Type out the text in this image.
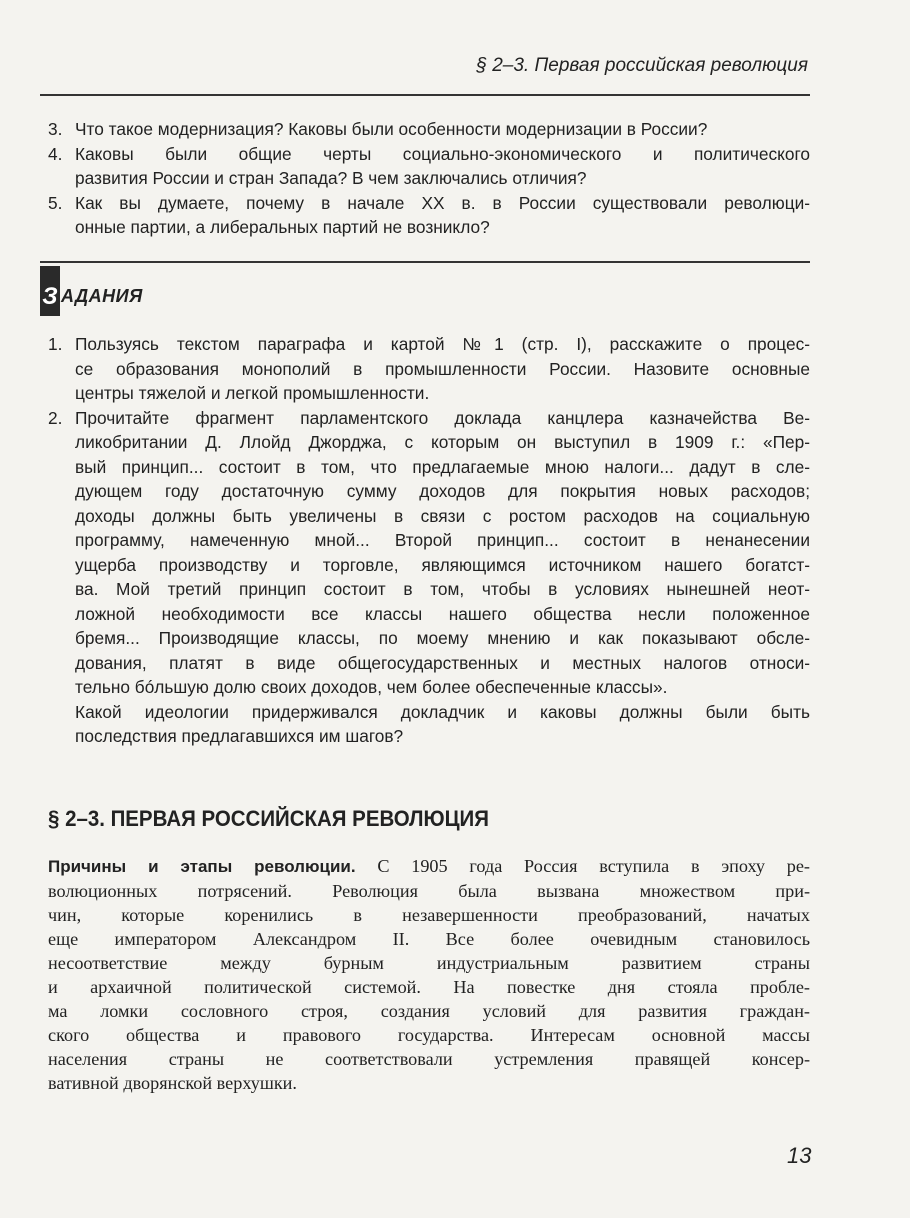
§ 2–3. Первая российская революция
3. Что такое модернизация? Каковы были особенности модернизации в России?
4. Каковы были общие черты социально-экономического и политического
развития России и стран Запада? В чем заключались отличия?
5. Как вы думаете, почему в начале XX в. в России существовали революци-
онные партии, а либеральных партий не возникло?
З АДАНИЯ
1. Пользуясь текстом параграфа и картой №1 (стр. I), расскажите о процес-
се образования монополий в промышленности России. Назовите основные
центры тяжелой и легкой промышленности.
2. Прочитайте фрагмент парламентского доклада канцлера казначейства Ве-
ликобритании Д. Ллойд Джорджа, с которым он выступил в 1909 г.: «Пер-
вый принцип... состоит в том, что предлагаемые мною налоги... дадут в сле-
дующем году достаточную сумму доходов для покрытия новых расходов;
доходы должны быть увеличены в связи с ростом расходов на социальную
программу, намеченную мной... Второй принцип... состоит в ненанесении
ущерба производству и торговле, являющимся источником нашего богатст-
ва. Мой третий принцип состоит в том, чтобы в условиях нынешней неот-
ложной необходимости все классы нашего общества несли положенное
бремя... Производящие классы, по моему мнению и как показывают обсле-
дования, платят в виде общегосударственных и местных налогов относи-
тельно бóльшую долю своих доходов, чем более обеспеченные классы».
Какой идеологии придерживался докладчик и каковы должны были быть
последствия предлагавшихся им шагов?
§ 2–3. ПЕРВАЯ РОССИЙСКАЯ РЕВОЛЮЦИЯ
Причины и этапы революции. С 1905 года Россия вступила в эпоху ре-
волюционных потрясений. Революция была вызвана множеством при-
чин, которые коренились в незавершенности преобразований, начатых
еще императором Александром II. Все более очевидным становилось
несоответствие между бурным индустриальным развитием страны
и архаичной политической системой. На повестке дня стояла пробле-
ма ломки сословного строя, создания условий для развития граждан-
ского общества и правового государства. Интересам основной массы
населения страны не соответствовали устремления правящей консер-
вативной дворянской верхушки.
13
